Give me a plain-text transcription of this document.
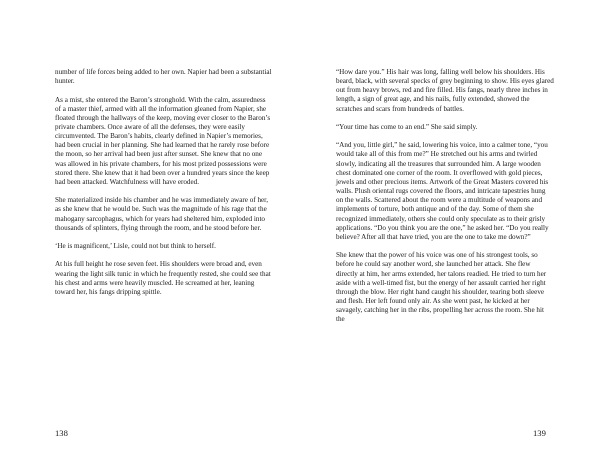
number of life forces being added to her own. Napier had been a substantial hunter.

As a mist, she entered the Baron’s stronghold. With the calm, assuredness of a master thief, armed with all the information gleaned from Napier, she floated through the hallways of the keep, moving ever closer to the Baron’s private chambers. Once aware of all the defenses, they were easily circumvented. The Baron’s habits, clearly defined in Napier’s memories, had been crucial in her planning. She had learned that he rarely rose before the moon, so her arrival had been just after sunset. She knew that no one was allowed in his private chambers, for his most prized possessions were stored there. She knew that it had been over a hundred years since the keep had been attacked. Watchfulness will have eroded.

She materialized inside his chamber and he was immediately aware of her, as she knew that he would be. Such was the magnitude of his rage that the mahogany sarcophagus, which for years had sheltered him, exploded into thousands of splinters, flying through the room, and he stood before her.

‘He is magnificent,’ Lisle, could not but think to herself.

At his full height he rose seven feet. His shoulders were broad and, even wearing the light silk tunic in which he frequently rested, she could see that his chest and arms were heavily muscled. He screamed at her, leaning toward her, his fangs dripping spittle.

“How dare you.” His hair was long, falling well below his shoulders. His beard, black, with several specks of grey beginning to show. His eyes glared out from heavy brows, red and fire filled. His fangs, nearly three inches in length, a sign of great age, and his nails, fully extended, showed the scratches and scars from hundreds of battles.

“Your time has come to an end.” She said simply.

“And you, little girl,” he said, lowering his voice, into a calmer tone, “you would take all of this from me?” He stretched out his arms and twirled slowly, indicating all the treasures that surrounded him. A large wooden chest dominated one corner of the room. It overflowed with gold pieces, jewels and other precious items. Artwork of the Great Masters covered his walls. Plush oriental rugs covered the floors, and intricate tapestries hung on the walls. Scattered about the room were a multitude of weapons and implements of torture, both antique and of the day. Some of them she recognized immediately, others she could only speculate as to their grisly applications. “Do you think you are the one,” he asked her. “Do you really believe? After all that have tried, you are the one to take me down?”

She knew that the power of his voice was one of his strongest tools, so before he could say another word, she launched her attack. She flew directly at him, her arms extended, her talons readied. He tried to turn her aside with a well-timed fist, but the energy of her assault carried her right through the blow. Her right hand caught his shoulder, tearing both sleeve and flesh. Her left found only air. As she went past, he kicked at her savagely, catching her in the ribs, propelling her across the room. She hit the

138	139
